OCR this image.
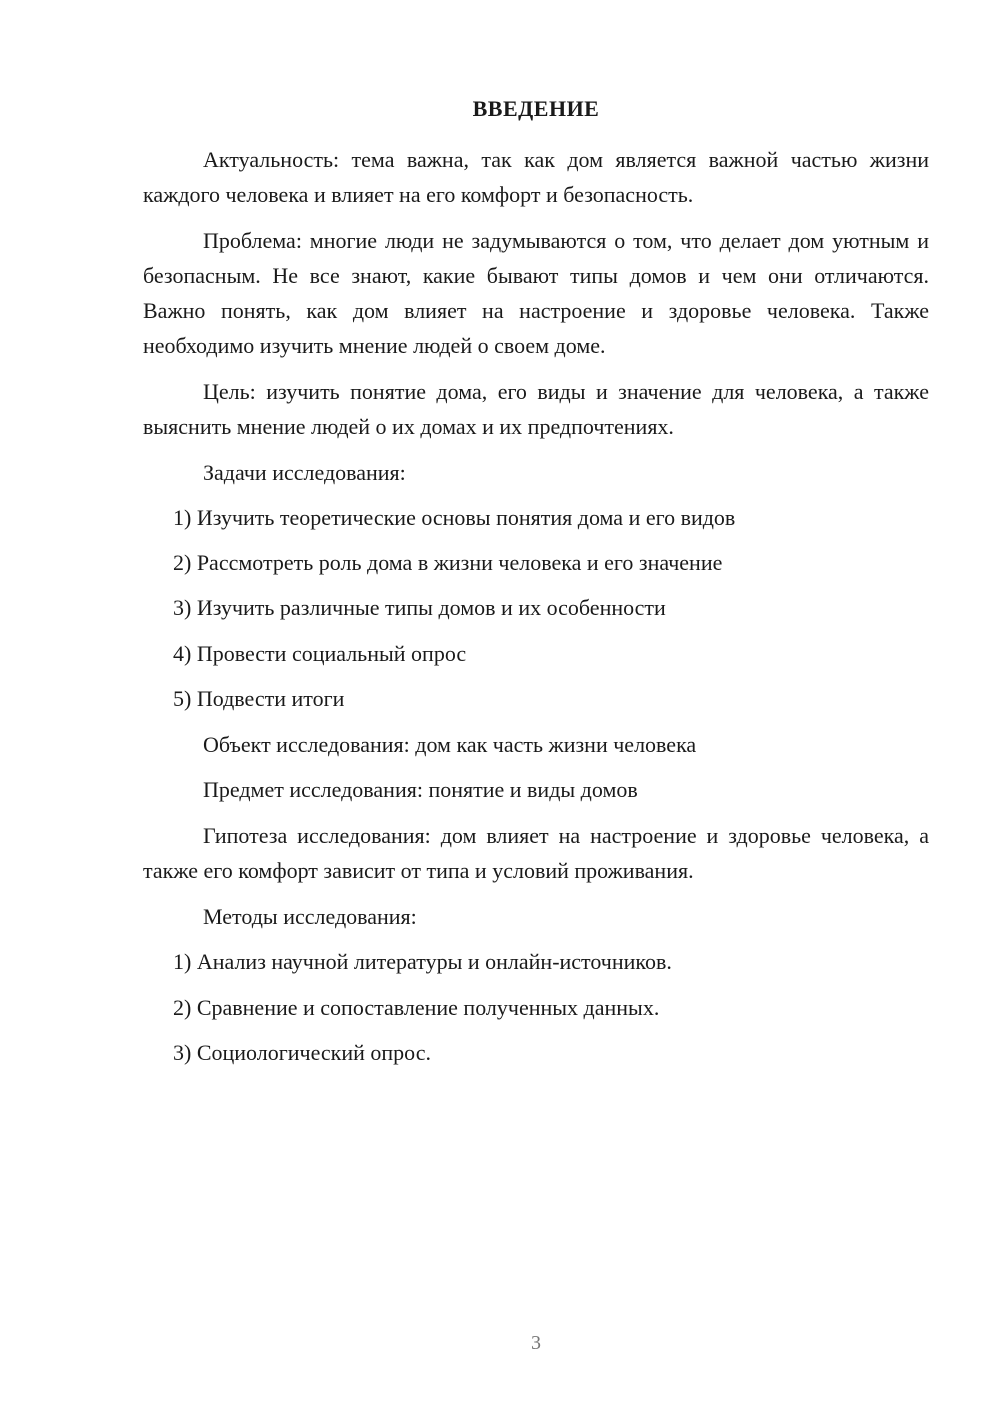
ВВЕДЕНИЕ

Актуальность: тема важна, так как дом является важной частью жизни каждого человека и влияет на его комфорт и безопасность.

Проблема: многие люди не задумываются о том, что делает дом уютным и безопасным. Не все знают, какие бывают типы домов и чем они отличаются. Важно понять, как дом влияет на настроение и здоровье человека. Также необходимо изучить мнение людей о своем доме.

Цель: изучить понятие дома, его виды и значение для человека, а также выяснить мнение людей о их домах и их предпочтениях.

Задачи исследования:

1) Изучить теоретические основы понятия дома и его видов

2) Рассмотреть роль дома в жизни человека и его значение

3) Изучить различные типы домов и их особенности

4) Провести социальный опрос

5) Подвести итоги

Объект исследования: дом как часть жизни человека

Предмет исследования: понятие и виды домов

Гипотеза исследования: дом влияет на настроение и здоровье человека, а также его комфорт зависит от типа и условий проживания.

Методы исследования:

1) Анализ научной литературы и онлайн-источников.

2) Сравнение и сопоставление полученных данных.

3) Социологический опрос.

3
